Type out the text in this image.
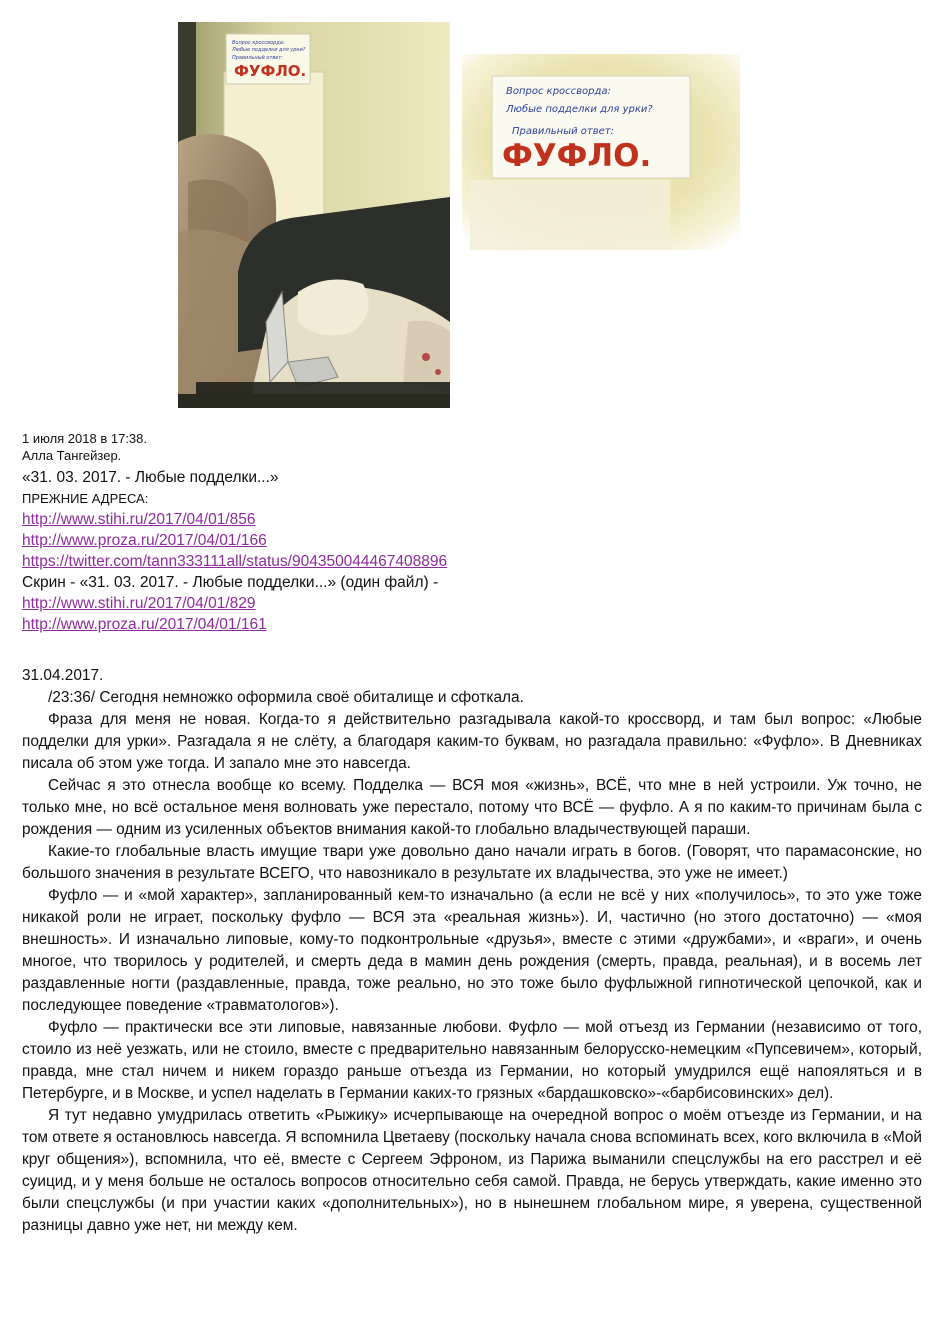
Вопрос кроссворда:
Любые подделки для урки?
Правильный ответ:
ФУФЛО.
Вопрос кроссворда:
Любые подделки для урки?
Правильный ответ:
ФУФЛО.
1 июля 2018 в 17:38.
Алла Тангейзер.
«31. 03. 2017. - Любые подделки...»
ПРЕЖНИЕ АДРЕСА:
http://www.stihi.ru/2017/04/01/856
http://www.proza.ru/2017/04/01/166
https://twitter.com/tann333111all/status/904350044467408896
Скрин - «31. 03. 2017. - Любые подделки...» (один файл) -
http://www.stihi.ru/2017/04/01/829
http://www.proza.ru/2017/04/01/161
31.04.2017.

/23:36/ Сегодня немножко оформила своё обиталище и сфоткала.

Фраза для меня не новая. Когда-то я действительно разгадывала какой-то кроссворд, и там был вопрос: «Любые подделки для урки». Разгадала я не слёту, а благодаря каким-то буквам, но разгадала правильно: «Фуфло». В Дневниках писала об этом уже тогда. И запало мне это навсегда.

Сейчас я это отнесла вообще ко всему. Подделка — ВСЯ моя «жизнь», ВСЁ, что мне в ней устроили. Уж точно, не только мне, но всё остальное меня волновать уже перестало, потому что ВСЁ — фуфло. А я по каким-то причинам была с рождения — одним из усиленных объектов внимания какой-то глобально владычествующей параши.

Какие-то глобальные власть имущие твари уже довольно дано начали играть в богов. (Говорят, что парамасонские, но большого значения в результате ВСЕГО, что навозникало в результате их владычества, это уже не имеет.)

Фуфло — и «мой характер», запланированный кем-то изначально (а если не всё у них «получилось», то это уже тоже никакой роли не играет, поскольку фуфло — ВСЯ эта «реальная жизнь»). И, частично (но этого достаточно) — «моя внешность». И изначально липовые, кому-то подконтрольные «друзья», вместе с этими «дружбами», и «враги», и очень многое, что творилось у родителей, и смерть деда в мамин день рождения (смерть, правда, реальная), и в восемь лет раздавленные ногти (раздавленные, правда, тоже реально, но это тоже было фуфлыжной гипнотической цепочкой, как и последующее поведение «травматологов»).

Фуфло — практически все эти липовые, навязанные любови. Фуфло — мой отъезд из Германии (независимо от того, стоило из неё уезжать, или не стоило, вместе с предварительно навязанным белорусско-немецким «Пупсевичем», который, правда, мне стал ничем и никем гораздо раньше отъезда из Германии, но который умудрился ещё напояляться и в Петербурге, и в Москве, и успел наделать в Германии каких-то грязных «бардашковско»-«барбисовинских» дел).

Я тут недавно умудрилась ответить «Рыжику» исчерпывающе на очередной вопрос о моём отъезде из Германии, и на том ответе я остановлюсь навсегда. Я вспомнила Цветаеву (поскольку начала снова вспоминать всех, кого включила в «Мой круг общения»), вспомнила, что её, вместе с Сергеем Эфроном, из Парижа выманили спецслужбы на его расстрел и её суицид, и у меня больше не осталось вопросов относительно себя самой. Правда, не берусь утверждать, какие именно это были спецслужбы (и при участии каких «дополнительных»), но в нынешнем глобальном мире, я уверена, существенной разницы давно уже нет, ни между кем.
